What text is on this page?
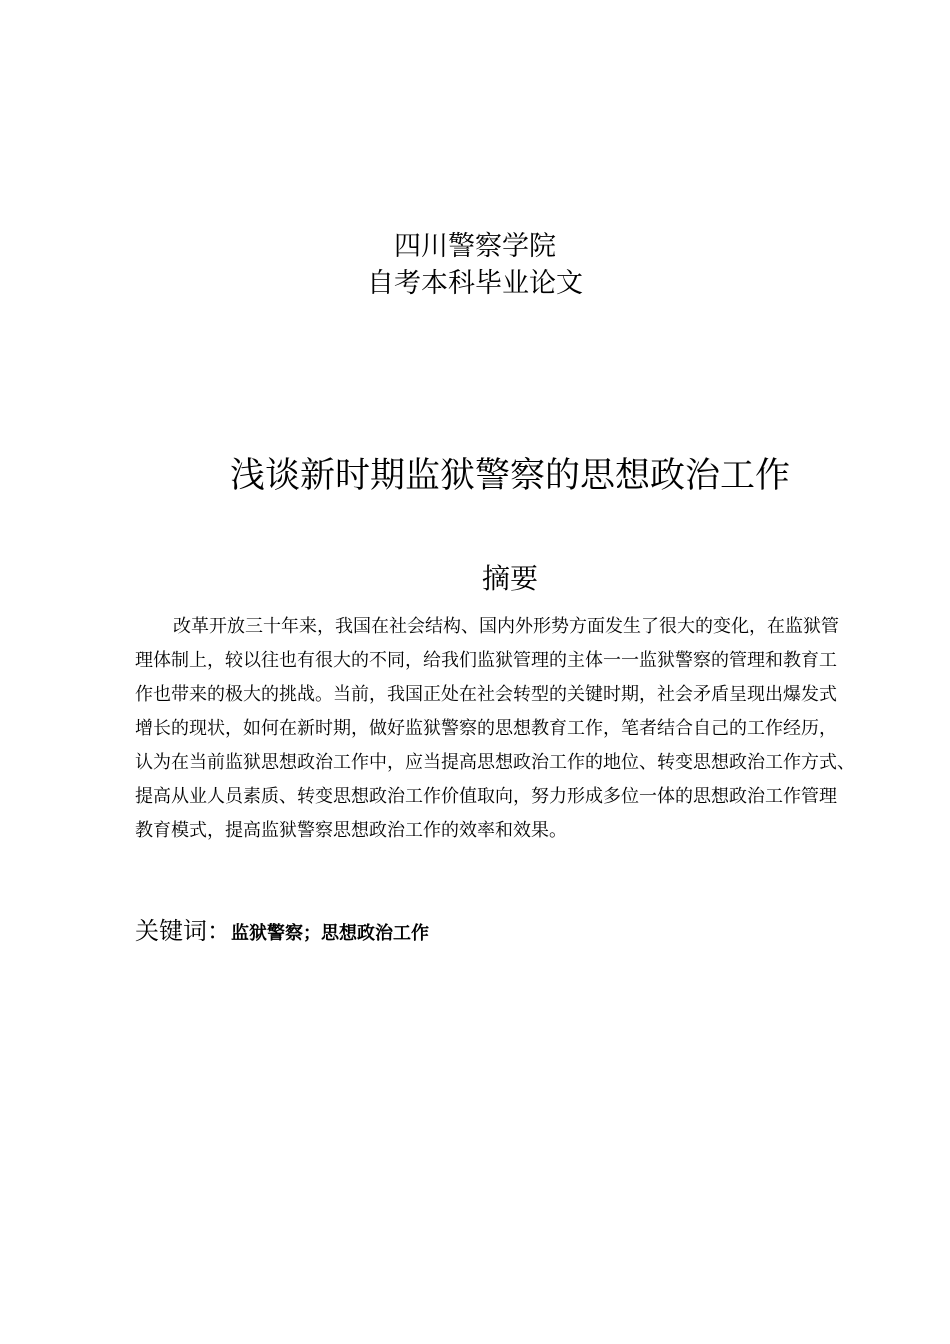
四川警察学院
自考本科毕业论文
浅谈新时期监狱警察的思想政治工作
摘要
改革开放三十年来，我国在社会结构、国内外形势方面发生了很大的变化，在监狱管
理体制上，较以往也有很大的不同，给我们监狱管理的主体一一监狱警察的管理和教育工
作也带来的极大的挑战。当前，我国正处在社会转型的关键时期，社会矛盾呈现出爆发式
增长的现状，如何在新时期，做好监狱警察的思想教育工作，笔者结合自己的工作经历，
认为在当前监狱思想政治工作中，应当提高思想政治工作的地位、转变思想政治工作方式、
提高从业人员素质、转变思想政治工作价值取向，努力形成多位一体的思想政治工作管理
教育模式，提高监狱警察思想政治工作的效率和效果。
关键词：监狱警察；思想政治工作
